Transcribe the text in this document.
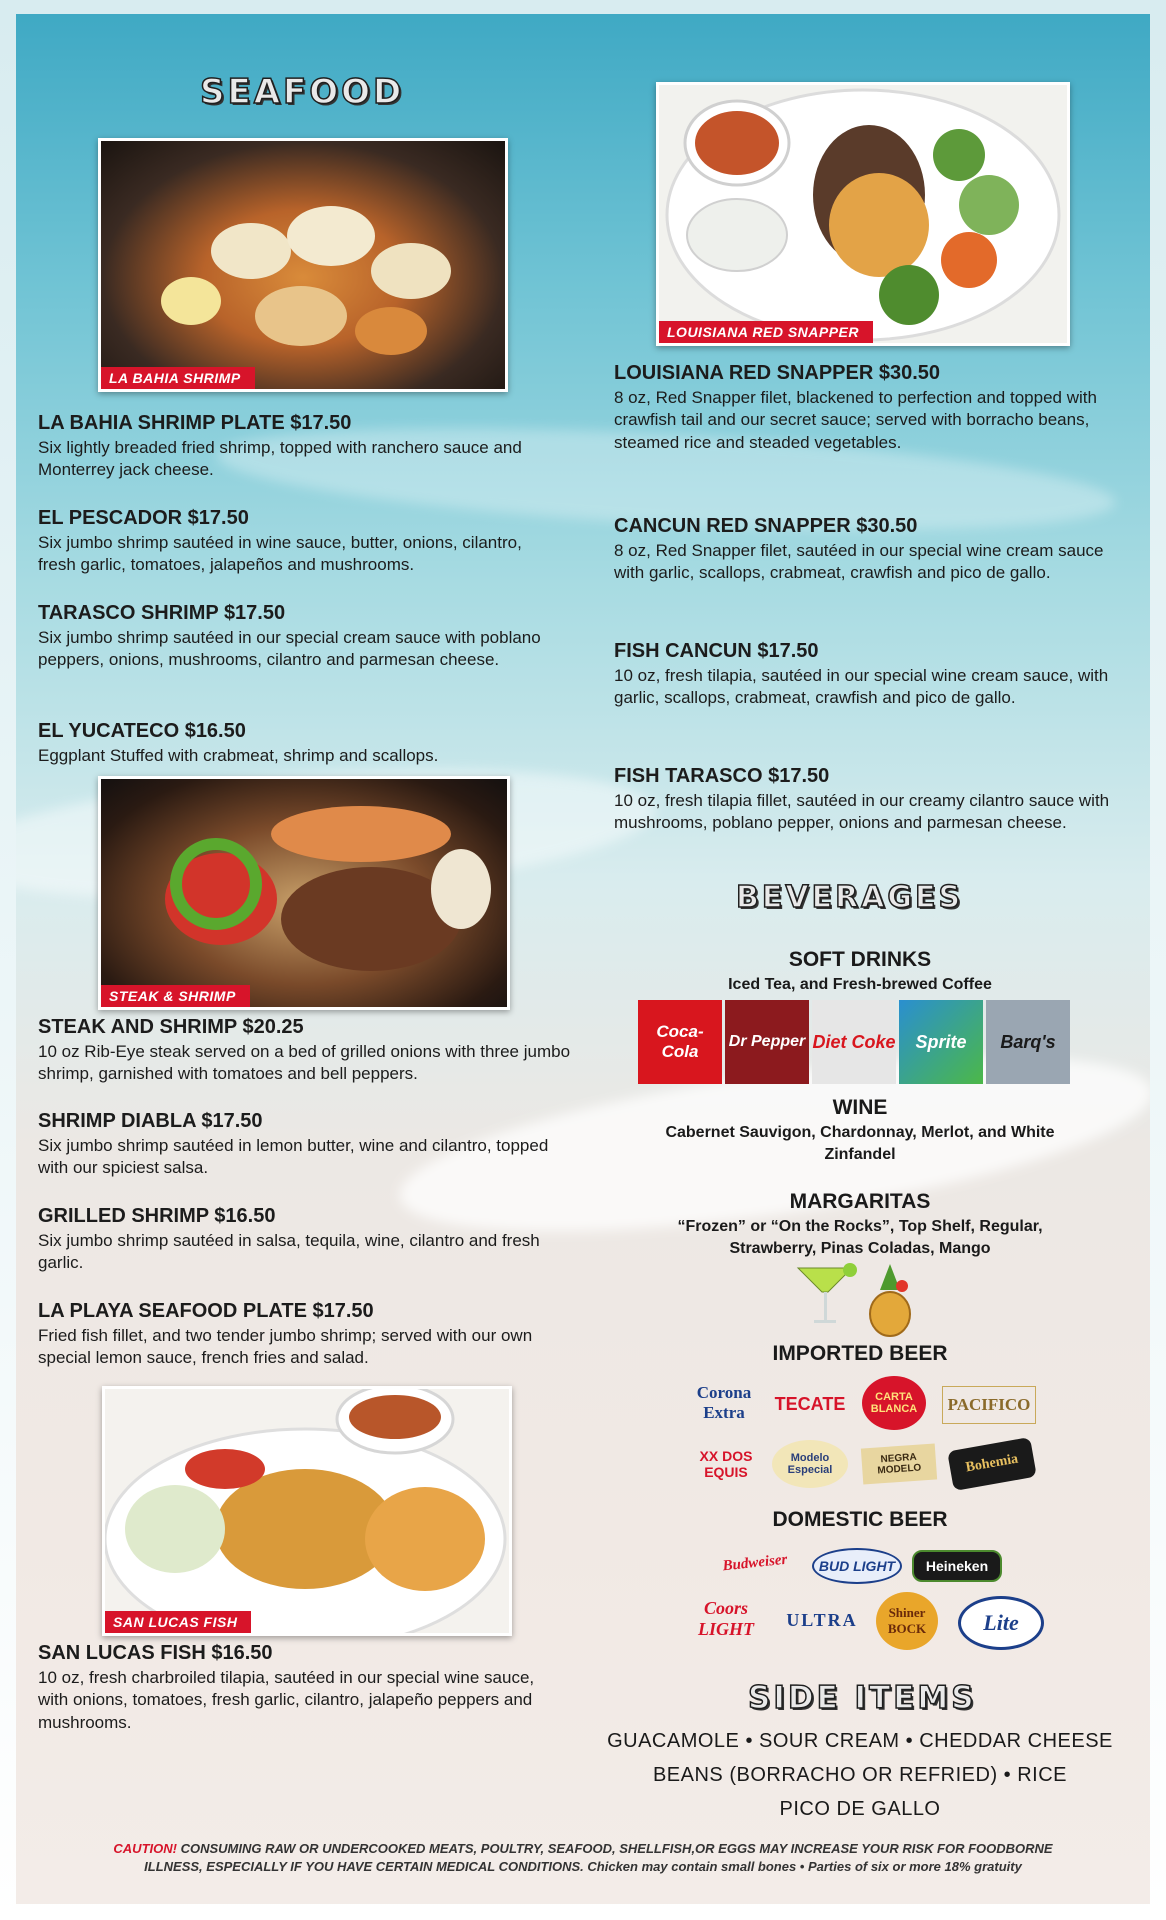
SEAFOOD
LA BAHIA SHRIMP
LOUISIANA RED SNAPPER
STEAK & SHRIMP
SAN LUCAS FISH

LA BAHIA SHRIMP PLATE $17.50

Six lightly breaded fried shrimp, topped with ranchero sauce and Monterrey jack cheese.

EL PESCADOR $17.50

Six jumbo shrimp sautéed in wine sauce, butter, onions, cilantro, fresh garlic, tomatoes, jalapeños and mushrooms.

TARASCO SHRIMP $17.50

Six jumbo shrimp sautéed in our special cream sauce with poblano peppers, onions, mushrooms, cilantro and parmesan cheese.

EL YUCATECO $16.50

Eggplant Stuffed with crabmeat, shrimp and scallops.

STEAK AND SHRIMP $20.25

10 oz Rib-Eye steak served on a bed of grilled onions with three jumbo shrimp, garnished with tomatoes and bell peppers.

SHRIMP DIABLA $17.50

Six jumbo shrimp sautéed in lemon butter, wine and cilantro, topped with our spiciest salsa.

GRILLED SHRIMP $16.50

Six jumbo shrimp sautéed in salsa, tequila, wine, cilantro and fresh garlic.

LA PLAYA SEAFOOD PLATE $17.50

Fried fish fillet, and two tender jumbo shrimp; served with our own special lemon sauce, french fries and salad.

SAN LUCAS FISH $16.50

10 oz, fresh charbroiled tilapia, sautéed in our special wine sauce, with onions, tomatoes, fresh garlic, cilantro, jalapeño peppers and mushrooms.

LOUISIANA RED SNAPPER $30.50

8 oz, Red Snapper filet, blackened to perfection and topped with crawfish tail and our secret sauce; served with borracho beans, steamed rice and steaded vegetables.

CANCUN RED SNAPPER $30.50

8 oz, Red Snapper filet, sautéed in our special wine cream sauce with garlic, scallops, crabmeat, crawfish and pico de gallo.

FISH CANCUN $17.50

10 oz, fresh tilapia, sautéed in our special wine cream sauce, with garlic, scallops, crabmeat, crawfish and pico de gallo.

FISH TARASCO $17.50

10 oz, fresh tilapia fillet, sautéed in our creamy cilantro sauce with mushrooms, poblano pepper, onions and parmesan cheese.

BEVERAGES
SOFT DRINKS
Iced Tea, and Fresh-brewed Coffee
Coca-Cola
Dr Pepper Diet Coke	Sprite	Barq's
WINE
Cabernet Sauvigon, Chardonnay, Merlot, and White Zinfandel
MARGARITAS
“Frozen” or “On the Rocks”, Top Shelf, Regular, Strawberry, Pinas Coladas, Mango
IMPORTED BEER
Corona Extra	TECATE	CARTA BLANCA	PACIFICO
XX DOS EQUIS
Modelo Especial
NEGRA MODELO	Bohemia
DOMESTIC BEER
Budweiser	BUD LIGHT	Heineken
Coors LIGHT	ULTRA	Shiner BOCK	Lite
SIDE ITEMS
GUACAMOLE • SOUR CREAM • CHEDDAR CHEESE
BEANS (BORRACHO OR REFRIED) • RICE
PICO DE GALLO
CAUTION! CONSUMING RAW OR UNDERCOOKED MEATS, POULTRY, SEAFOOD, SHELLFISH,OR EGGS MAY INCREASE YOUR RISK FOR FOODBORNE
ILLNESS, ESPECIALLY IF YOU HAVE CERTAIN MEDICAL CONDITIONS. Chicken may contain small bones • Parties of six or more 18% gratuity
